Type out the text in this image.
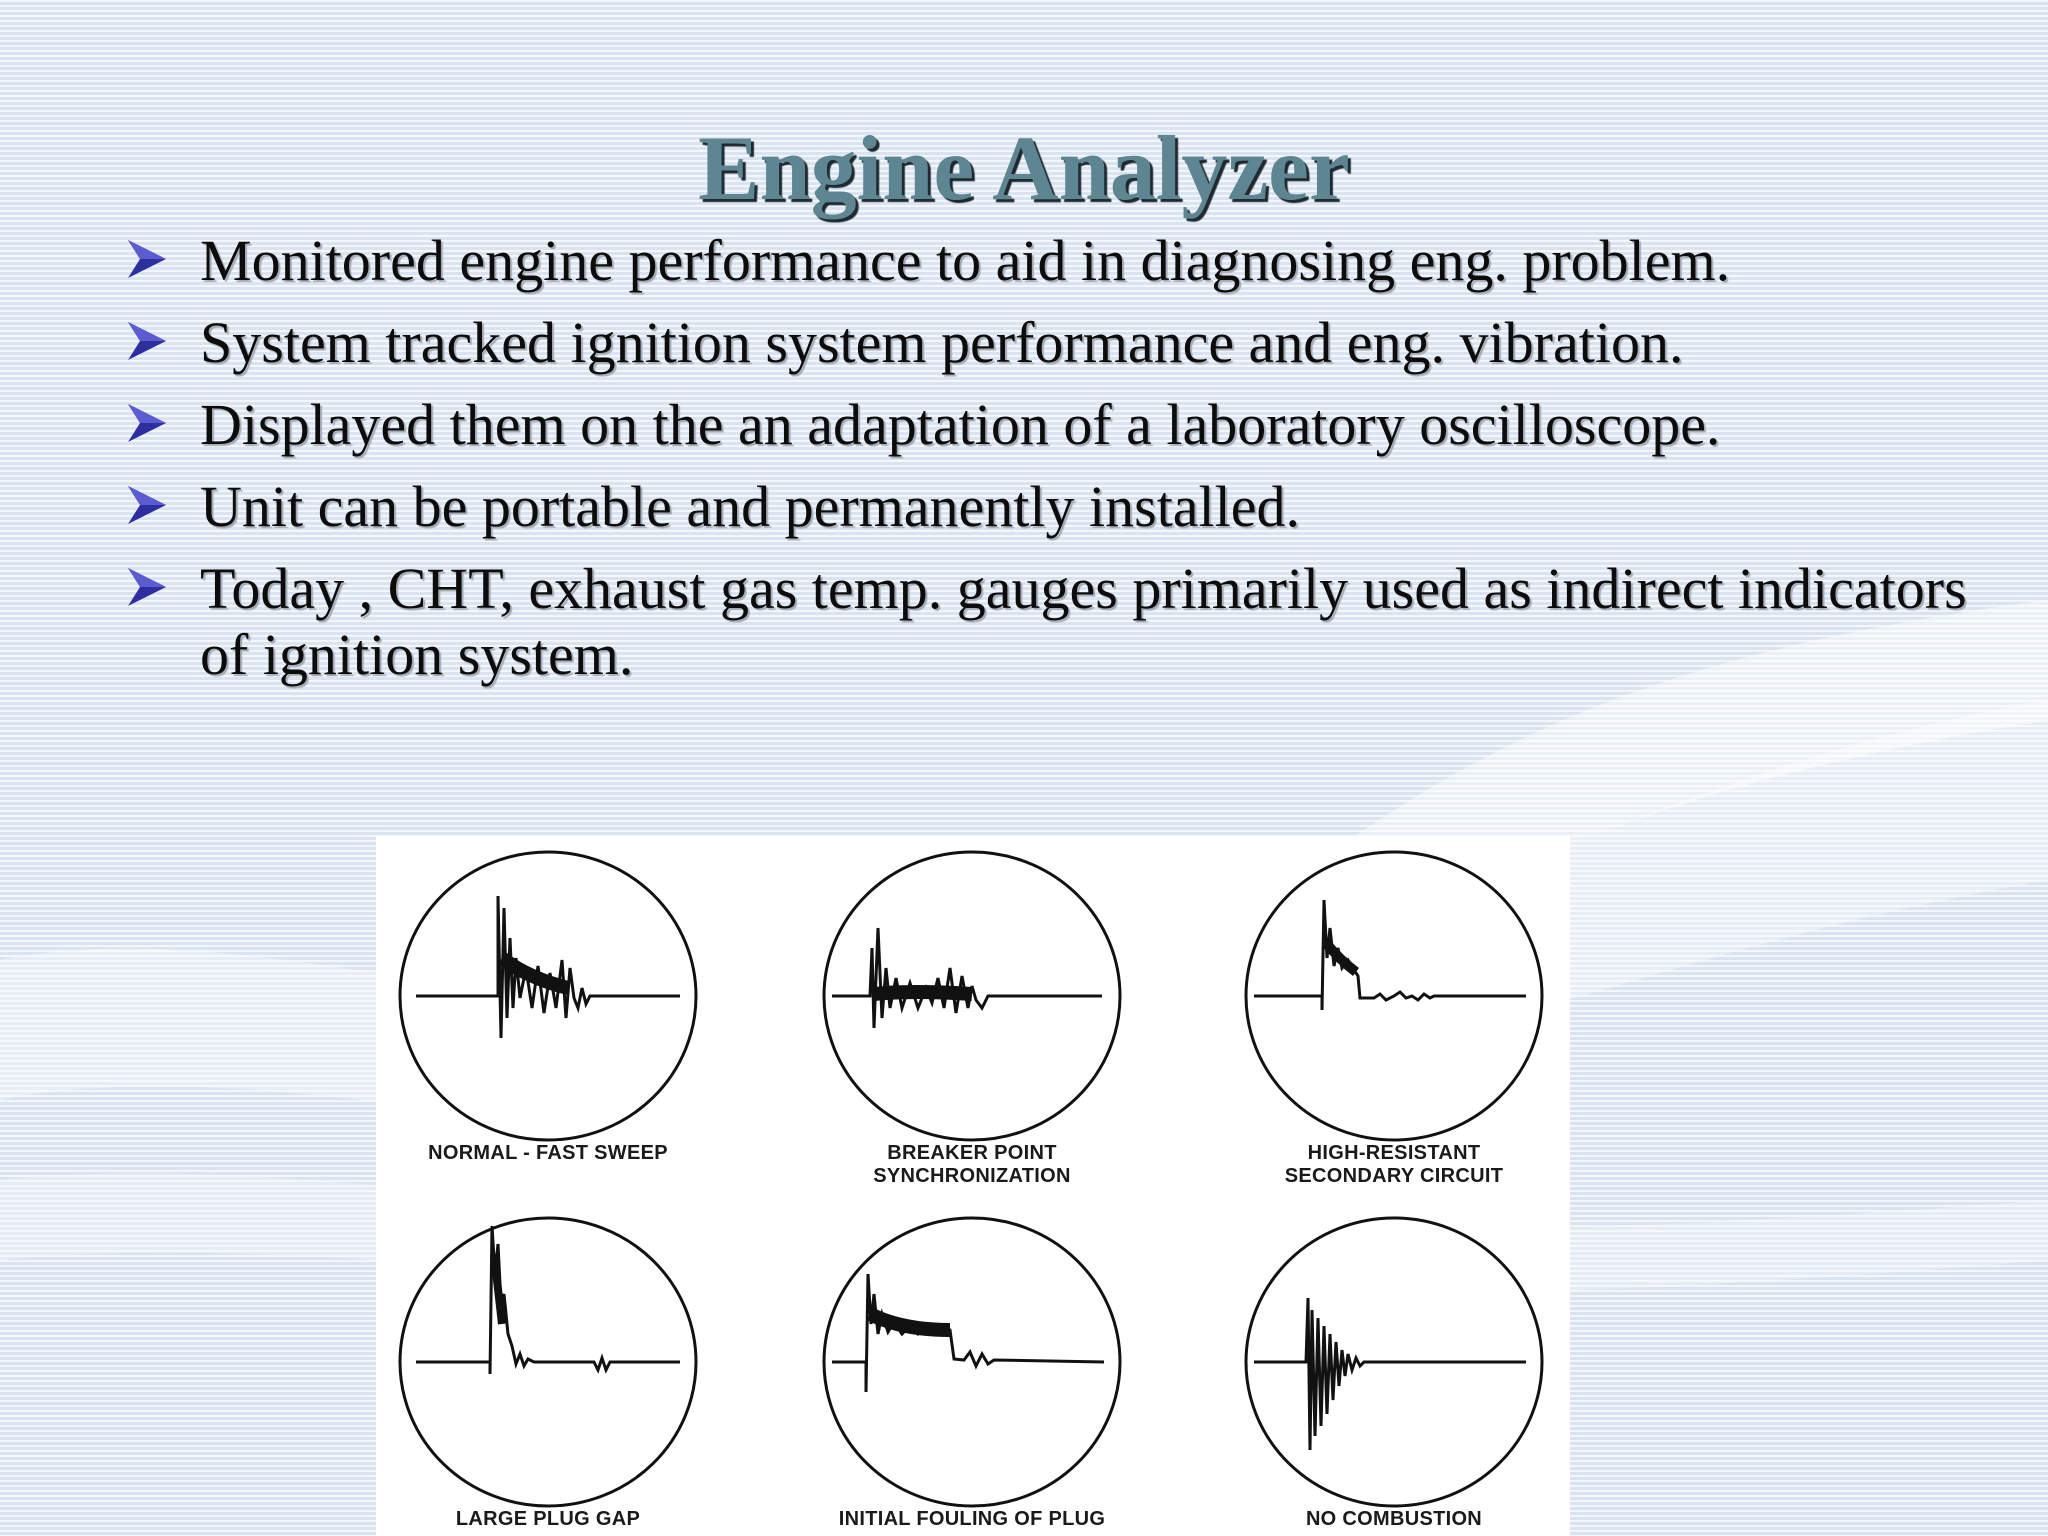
Engine Analyzer
Monitored engine performance to aid in diagnosing eng. problem.
System tracked ignition system performance and eng. vibration.
Displayed them on the an adaptation of a laboratory oscilloscope.
Unit can be portable and permanently installed.
Today , CHT, exhaust gas temp. gauges primarily used as indirect indicators of ignition system.
NORMAL - FAST SWEEP	BREAKER POINT
SYNCHRONIZATION
HIGH-RESISTANT
SECONDARY CIRCUIT
LARGE PLUG GAP	INITIAL FOULING OF PLUG	NO COMBUSTION
